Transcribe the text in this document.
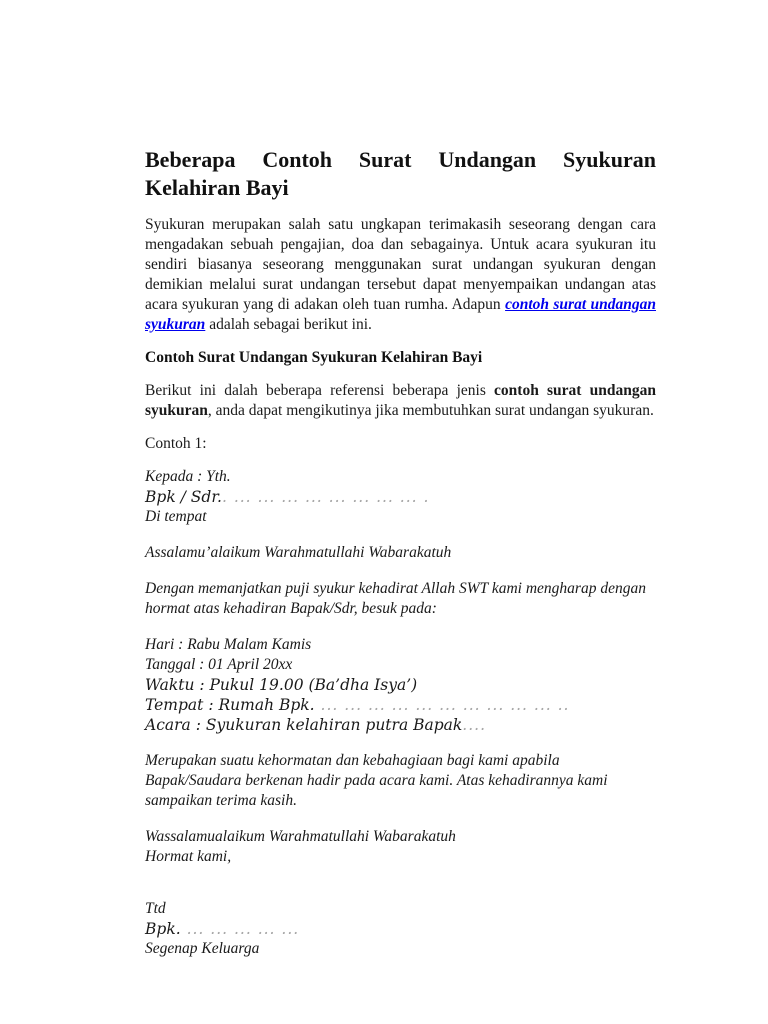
Beberapa Contoh Surat Undangan Syukuran
Kelahiran Bayi

Syukuran merupakan salah satu ungkapan terimakasih seseorang dengan cara mengadakan sebuah pengajian, doa dan sebagainya. Untuk acara syukuran itu sendiri biasanya seseorang menggunakan surat undangan syukuran dengan demikian melalui surat undangan tersebut dapat menyempaikan undangan atas acara syukuran yang di adakan oleh tuan rumha. Adapun contoh surat undangan syukuran adalah sebagai berikut ini.

Contoh Surat Undangan Syukuran Kelahiran Bayi

Berikut ini dalah beberapa referensi beberapa jenis contoh surat undangan syukuran, anda dapat mengikutinya jika membutuhkan surat undangan syukuran.

Contoh 1:

Kepada : Yth.

Bpk / Sdr.. ... ... ... ... ... ... ... ... .

Di tempat

Assalamu’alaikum Warahmatullahi Wabarakatuh

Dengan memanjatkan puji syukur kehadirat Allah SWT kami mengharap dengan

hormat atas kehadiran Bapak/Sdr, besuk pada:

Hari : Rabu Malam Kamis

Tanggal : 01 April 20xx

Waktu : Pukul 19.00 (Ba’dha Isya’)

Tempat : Rumah Bpk. ... ... ... ... ... ... ... ... ... ... ..

Acara : Syukuran kelahiran putra Bapak....

Merupakan suatu kehormatan dan kebahagiaan bagi kami apabila

Bapak/Saudara berkenan hadir pada acara kami. Atas kehadirannya kami

sampaikan terima kasih.

Wassalamualaikum Warahmatullahi Wabarakatuh

Hormat kami,

Ttd

Bpk. ... ... ... ... ...

Segenap Keluarga
